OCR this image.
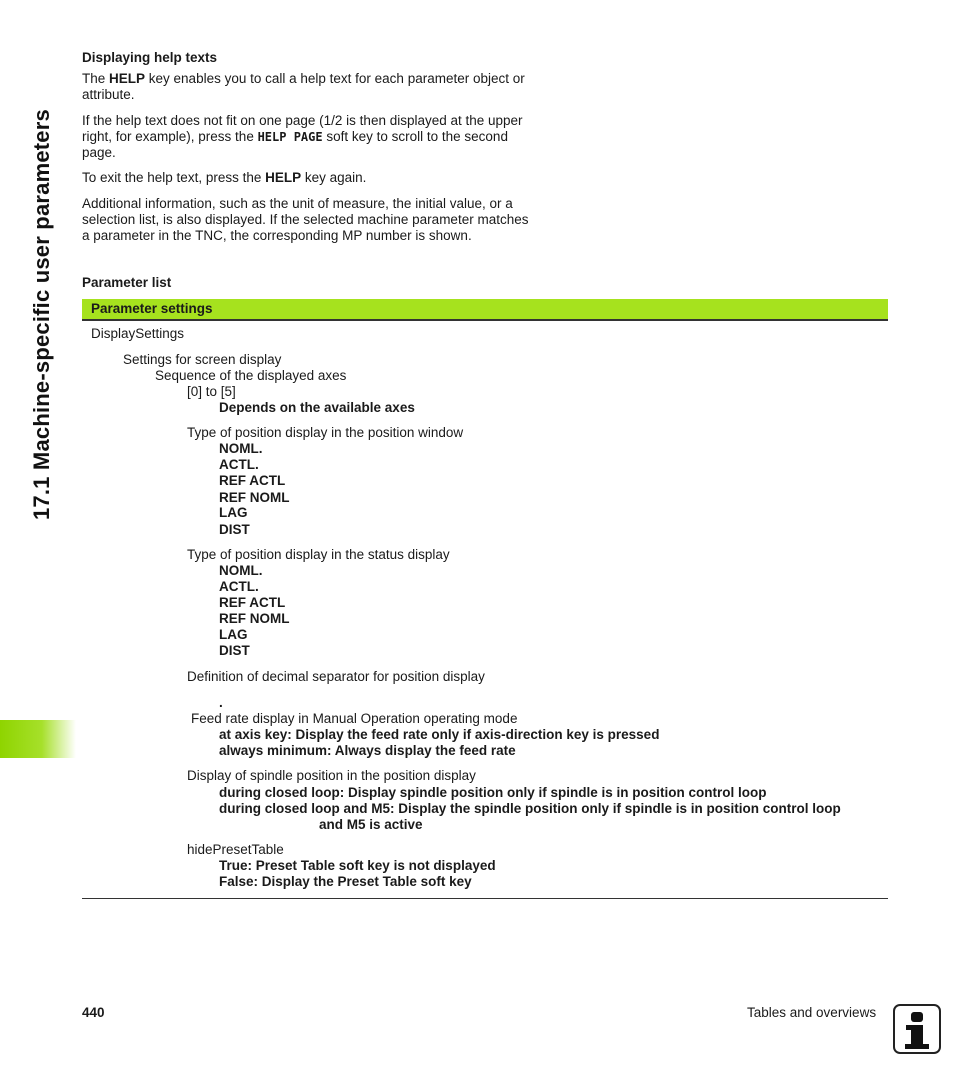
17.1 Machine-specific user parameters
Displaying help texts
The HELP key enables you to call a help text for each parameter object or attribute.
If the help text does not fit on one page (1/2 is then displayed at the upper right, for example), press the HELP PAGE soft key to scroll to the second page.
To exit the help text, press the HELP key again.
Additional information, such as the unit of measure, the initial value, or a selection list, is also displayed. If the selected machine parameter matches a parameter in the TNC, the corresponding MP number is shown.
Parameter list
Parameter settings
DisplaySettings
Settings for screen display
Sequence of the displayed axes
[0] to [5]
Depends on the available axes
Type of position display in the position window
NOML.
ACTL.
REF ACTL
REF NOML
LAG
DIST
Type of position display in the status display
NOML.
ACTL.
REF ACTL
REF NOML
LAG
DIST
Definition of decimal separator for position display
.
Feed rate display in Manual Operation operating mode
at axis key: Display the feed rate only if axis-direction key is pressed
always minimum: Always display the feed rate
Display of spindle position in the position display
during closed loop: Display spindle position only if spindle is in position control loop
during closed loop and M5: Display the spindle position only if spindle is in position control loop
and M5 is active
hidePresetTable
True: Preset Table soft key is not displayed
False: Display the Preset Table soft key
440	Tables and overviews
